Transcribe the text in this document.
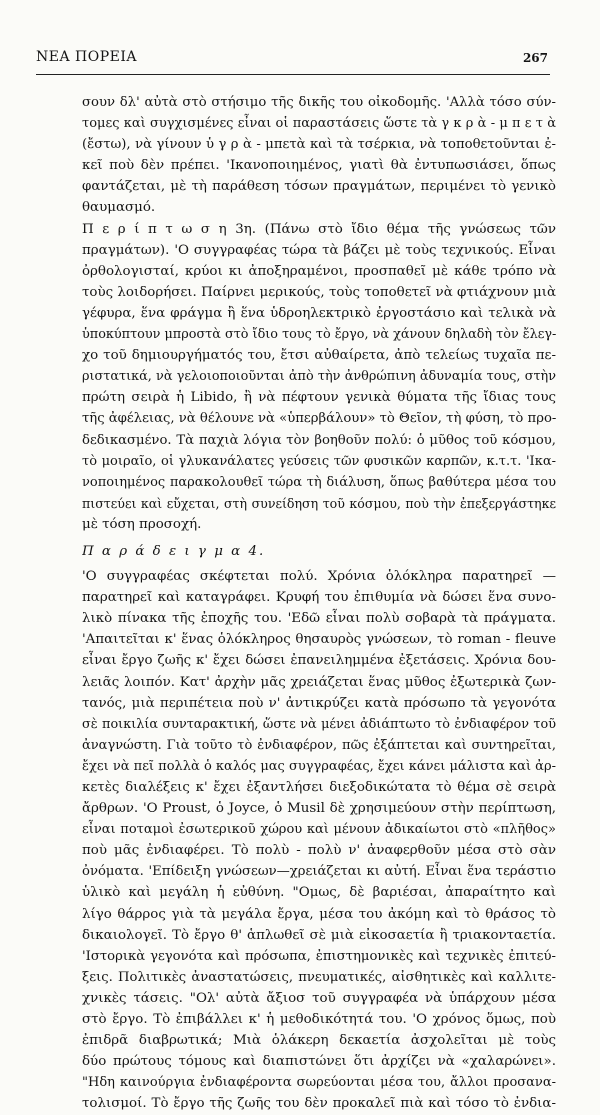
ΝΕΑ ΠΟΡΕΙΑ	267
σουν δλ' αὐτὰ στὸ στήσιμο τῆς δικῆς του οἰκοδομῆς. 'Αλλὰ τόσο σύν-
τομες καὶ συγχισμένες εἶναι οἱ παραστάσεις ὥστε τὰ γ κ ρ ὰ - μ π ε τ ὰ
(ἔστω), νὰ γίνουν ὑ γ ρ ὰ - μπετὰ καὶ τὰ τσέρκια, νὰ τοποθετοῦνται ἐ-
κεῖ ποὺ δὲν πρέπει. 'Ικανοποιημένος, γιατὶ θὰ ἐντυπωσιάσει, ὅπως
φαντάζεται, μὲ τὴ παράθεση τόσων πραγμάτων, περιμένει τὸ γενικὸ
θαυμασμό.
Π ε ρ ί π τ ω σ η 3η. (Πάνω στὸ ἴδιο θέμα τῆς γνώσεως τῶν
πραγμάτων). 'Ο συγγραφέας τώρα τὰ βάζει μὲ τοὺς τεχνικούς. Εἶναι
ὀρθολογισταί, κρύοι κι ἀποξηραμένοι, προσπαθεῖ μὲ κάθε τρόπο νὰ
τοὺς λοιδορήσει. Παίρνει μερικούς, τοὺς τοποθετεῖ νὰ φτιάχνουν μιὰ
γέφυρα, ἕνα φράγμα ἢ ἕνα ὑδροηλεκτρικὸ ἐργοστάσιο καὶ τελικὰ νὰ
ὑποκύπτουν μπροστὰ στὸ ἴδιο τους τὸ ἔργο, νὰ χάνουν δηλαδὴ τὸν ἔλεγ-
χο τοῦ δημιουργήματός του, ἔτσι αὐθαίρετα, ἀπὸ τελείως τυχαῖα πε-
ριστατικά, νὰ γελοιοποιοῦνται ἀπὸ τὴν ἀνθρώπινη ἀδυναμία τους, στὴν
πρώτη σειρὰ ἡ Libido, ἢ νὰ πέφτουν γενικὰ θύματα τῆς ἴδιας τους
τῆς ἀφέλειας, νὰ θέλουνε νὰ «ὑπερβάλουν» τὸ Θεῖον, τὴ φύση, τὸ προ-
δεδικασμένο. Τὰ παχιὰ λόγια τὸν βοηθοῦν πολύ: ὁ μῦθος τοῦ κόσμου,
τὸ μοιραῖο, οἱ γλυκανάλατες γεύσεις τῶν φυσικῶν καρπῶν, κ.τ.τ. 'Ικα-
νοποιημένος παρακολουθεῖ τώρα τὴ διάλυση, ὅπως βαθύτερα μέσα του
πιστεύει καὶ εὔχεται, στὴ συνείδηση τοῦ κόσμου, ποὺ τὴν ἐπεξεργάστηκε
μὲ τόση προσοχή.
Π α ρ ά δ ε ι γ μ α 4.
'Ο συγγραφέας σκέφτεται πολύ. Χρόνια ὁλόκληρα παρατηρεῖ —
παρατηρεῖ καὶ καταγράφει. Κρυφή του ἐπιθυμία νὰ δώσει ἕνα συνο-
λικὸ πίνακα τῆς ἐποχῆς του. 'Εδῶ εἶναι πολὺ σοβαρὰ τὰ πράγματα.
'Απαιτεῖται κ' ἕνας ὁλόκληρος θησαυρὸς γνώσεων, τὸ roman - fleuve
εἶναι ἔργο ζωῆς κ' ἔχει δώσει ἐπανειλημμένα ἐξετάσεις. Χρόνια δου-
λειᾶς λοιπόν. Κατ' ἀρχὴν μᾶς χρειάζεται ἕνας μῦθος ἐξωτερικὰ ζων-
τανός, μιὰ περιπέτεια ποὺ ν' ἀντικρύζει κατὰ πρόσωπο τὰ γεγονότα
σὲ ποικιλία συνταρακτική, ὥστε νὰ μένει ἀδιάπτωτο τὸ ἐνδιαφέρον τοῦ
ἀναγνώστη. Γιὰ τοῦτο τὸ ἐνδιαφέρον, πῶς ἐξάπτεται καὶ συντηρεῖται,
ἔχει νὰ πεῖ πολλὰ ὁ καλός μας συγγραφέας, ἔχει κάνει μάλιστα καὶ ἀρ-
κετὲς διαλέξεις κ' ἔχει ἐξαντλήσει διεξοδικώτατα τὸ θέμα σὲ σειρὰ
ἄρθρων. 'Ο Proust, ὁ Joyce, ὁ Musil δὲ χρησιμεύουν στὴν περίπτωση,
εἶναι ποταμοὶ ἐσωτερικοῦ χώρου καὶ μένουν ἀδικαίωτοι στὸ «πλῆθος»
ποὺ μᾶς ἐνδιαφέρει. Τὸ πολὺ - πολὺ ν' ἀναφερθοῦν μέσα στὸ σὰν
ὀνόματα. 'Επίδειξη γνώσεων—χρειάζεται κι αὐτή. Εἶναι ἕνα τεράστιο
ὑλικὸ καὶ μεγάλη ἡ εὐθύνη. "Ομως, δὲ βαριέσαι, ἀπαραίτητο καὶ
λίγο θάρρος γιὰ τὰ μεγάλα ἔργα, μέσα του ἀκόμη καὶ τὸ θράσος τὸ
δικαιολογεῖ. Τὸ ἔργο θ' ἁπλωθεῖ σὲ μιὰ εἰκοσαετία ἢ τριακονταετία.
'Ιστορικὰ γεγονότα καὶ πρόσωπα, ἐπιστημονικὲς καὶ τεχνικὲς ἐπιτεύ-
ξεις. Πολιτικὲς ἀναστατώσεις, πνευματικές, αἰσθητικὲς καὶ καλλιτε-
χνικὲς τάσεις. "Ολ' αὐτὰ ἄξιοσ τοῦ συγγραφέα νὰ ὑπάρχουν μέσα
στὸ ἔργο. Τὸ ἐπιβάλλει κ' ἡ μεθοδικότητά του. 'Ο χρόνος ὅμως, ποὺ
ἐπιδρᾶ διαβρωτικά; Μιὰ ὁλάκερη δεκαετία ἀσχολεῖται μὲ τοὺς
δύο πρώτους τόμους καὶ διαπιστώνει ὅτι ἀρχίζει νὰ «χαλαρώνει».
"Ηδη καινούργια ἐνδιαφέροντα σωρεύονται μέσα του, ἄλλοι προσανα-
τολισμοί. Τὸ ἔργο τῆς ζωῆς του δὲν προκαλεῖ πιὰ καὶ τόσο τὸ ἐνδια-
